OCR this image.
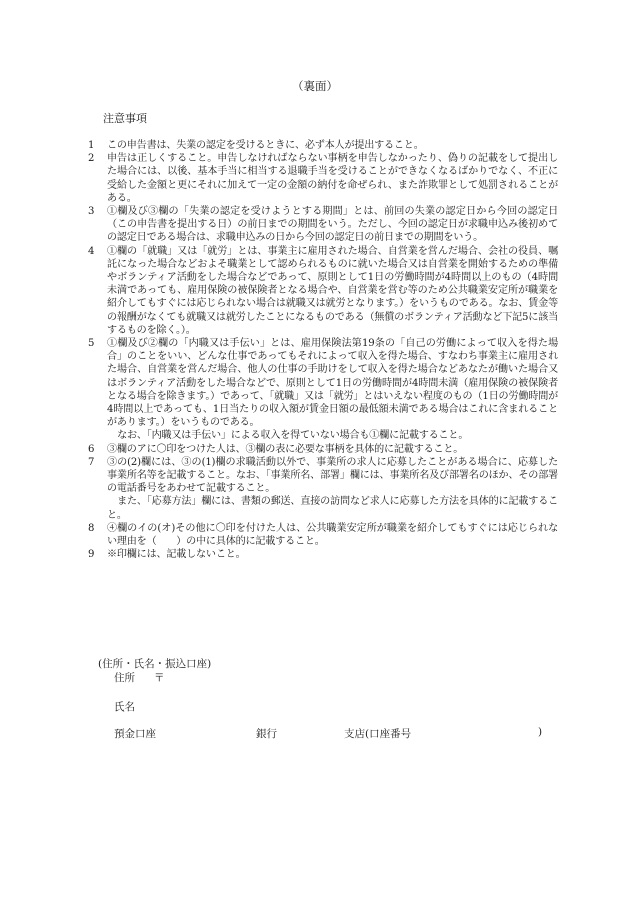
（裏面）
注意事項
1 この申告書は、失業の認定を受けるときに、必ず本人が提出すること。
2 申告は正しくすること。申告しなければならない事柄を申告しなかったり、偽りの記載をして提出した場合には、以後、基本手当に相当する退職手当を受けることができなくなるばかりでなく、不正に受給した金額と更にそれに加えて一定の金額の納付を命ぜられ、また詐欺罪として処罰されることがある。
3 ①欄及び③欄の「失業の認定を受けようとする期間」とは、前回の失業の認定日から今回の認定日（この申告書を提出する日）の前日までの期間をいう。ただし、今回の認定日が求職申込み後初めての認定日である場合は、求職申込みの日から今回の認定日の前日までの期間をいう。
4 ①欄の「就職」又は「就労」とは、事業主に雇用された場合、自営業を営んだ場合、会社の役員、嘱託になった場合などおよそ職業として認められるものに就いた場合又は自営業を開始するための準備やボランティア活動をした場合などであって、原則として1日の労働時間が4時間以上のもの（4時間未満であっても、雇用保険の被保険者となる場合や、自営業を営む等のため公共職業安定所が職業を紹介してもすぐには応じられない場合は就職又は就労となります。）をいうものである。なお、賃金等の報酬がなくても就職又は就労したことになるものである（無償のボランティア活動など下記5に該当するものを除く。）。
5 ①欄及び②欄の「内職又は手伝い」とは、雇用保険法第19条の「自己の労働によって収入を得た場合」のことをいい、どんな仕事であってもそれによって収入を得た場合、すなわち事業主に雇用された場合、自営業を営んだ場合、他人の仕事の手助けをして収入を得た場合などあなたが働いた場合又はボランティア活動をした場合などで、原則として1日の労働時間が4時間未満（雇用保険の被保険者となる場合を除きます。）であって、「就職」又は「就労」とはいえない程度のもの（1日の労働時間が4時間以上であっても、1日当たりの収入額が賃金日額の最低額未満である場合はこれに含まれることがあります。）をいうものである。
なお、「内職又は手伝い」による収入を得ていない場合も①欄に記載すること。
6 ③欄のアに〇印をつけた人は、③欄の表に必要な事柄を具体的に記載すること。
7 ③の(2)欄には、③の(1)欄の求職活動以外で、事業所の求人に応募したことがある場合に、応募した事業所名等を記載すること。なお、「事業所名、部署」欄には、事業所名及び部署名のほか、その部署の電話番号をあわせて記載すること。
また、「応募方法」欄には、書類の郵送、直接の訪問など求人に応募した方法を具体的に記載すること。
8 ④欄のイの(オ)その他に〇印を付けた人は、公共職業安定所が職業を紹介してもすぐには応じられない理由を（　　）の中に具体的に記載すること。
9 ※印欄には、記載しないこと。
(住所・氏名・振込口座)
住所 〒
氏名
預金口座	銀行	支店(口座番号	)
